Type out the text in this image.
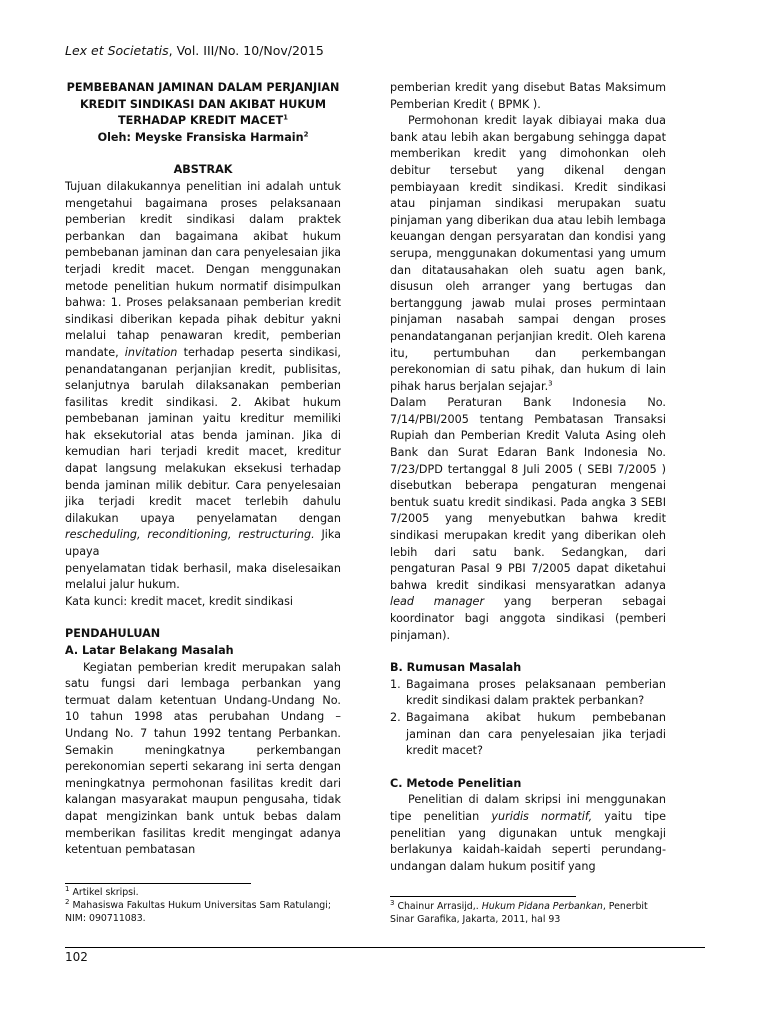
Lex et Societatis, Vol. III/No. 10/Nov/2015

PEMBEBANAN JAMINAN DALAM PERJANJIAN
KREDIT SINDIKASI DAN AKIBAT HUKUM
TERHADAP KREDIT MACET$^1$
Oleh: Meyske Fransiska Harmain$^2$

ABSTRAK

Tujuan dilakukannya penelitian ini adalah untuk mengetahui bagaimana proses pelaksanaan pemberian kredit sindikasi dalam praktek perbankan dan bagaimana akibat hukum pembebanan jaminan dan cara penyelesaian jika terjadi kredit macet. Dengan menggunakan metode penelitian hukum normatif disimpulkan bahwa: 1. Proses pelaksanaan pemberian kredit sindikasi diberikan kepada pihak debitur yakni melalui tahap penawaran kredit, pemberian mandate, invitation terhadap peserta sindikasi, penandatanganan perjanjian kredit, publisitas, selanjutnya barulah dilaksanakan pemberian fasilitas kredit sindikasi. 2. Akibat hukum pembebanan jaminan yaitu kreditur memiliki hak eksekutorial atas benda jaminan. Jika di kemudian hari terjadi kredit macet, kreditur dapat langsung melakukan eksekusi terhadap benda jaminan milik debitur. Cara penyelesaian jika terjadi kredit macet terlebih dahulu dilakukan upaya penyelamatan dengan rescheduling, reconditioning, restructuring. Jika upaya

penyelamatan tidak berhasil, maka diselesaikan melalui jalur hukum.

Kata kunci: kredit macet, kredit sindikasi

PENDAHULUAN

A. Latar Belakang Masalah

Kegiatan pemberian kredit merupakan salah satu fungsi dari lembaga perbankan yang termuat dalam ketentuan Undang-Undang No. 10 tahun 1998 atas perubahan Undang – Undang No. 7 tahun 1992 tentang Perbankan. Semakin meningkatnya perkembangan perekonomian seperti sekarang ini serta dengan meningkatnya permohonan fasilitas kredit dari kalangan masyarakat maupun pengusaha, tidak dapat mengizinkan bank untuk bebas dalam memberikan fasilitas kredit mengingat adanya ketentuan pembatasan

pemberian kredit yang disebut Batas Maksimum Pemberian Kredit ( BPMK ).

Permohonan kredit layak dibiayai maka dua bank atau lebih akan bergabung sehingga dapat memberikan kredit yang dimohonkan oleh debitur tersebut yang dikenal dengan pembiayaan kredit sindikasi. Kredit sindikasi atau pinjaman sindikasi merupakan suatu pinjaman yang diberikan dua atau lebih lembaga keuangan dengan persyaratan dan kondisi yang serupa, menggunakan dokumentasi yang umum dan ditatausahakan oleh suatu agen bank, disusun oleh arranger yang bertugas dan bertanggung jawab mulai proses permintaan pinjaman nasabah sampai dengan proses penandatanganan perjanjian kredit. Oleh karena itu, pertumbuhan dan perkembangan perekonomian di satu pihak, dan hukum di lain pihak harus berjalan sejajar.$^3$

Dalam Peraturan Bank Indonesia No. 7/14/PBI/2005 tentang Pembatasan Transaksi Rupiah dan Pemberian Kredit Valuta Asing oleh Bank dan Surat Edaran Bank Indonesia No. 7/23/DPD tertanggal 8 Juli 2005 ( SEBI 7/2005 ) disebutkan beberapa pengaturan mengenai bentuk suatu kredit sindikasi. Pada angka 3 SEBI 7/2005 yang menyebutkan bahwa kredit sindikasi merupakan kredit yang diberikan oleh lebih dari satu bank. Sedangkan, dari pengaturan Pasal 9 PBI 7/2005 dapat diketahui bahwa kredit sindikasi mensyaratkan adanya lead manager yang berperan sebagai koordinator bagi anggota sindikasi (pemberi pinjaman).

B. Rumusan Masalah

1. Bagaimana proses pelaksanaan pemberian kredit sindikasi dalam praktek perbankan?
2. Bagaimana akibat hukum pembebanan jaminan dan cara penyelesaian jika terjadi kredit macet?

C. Metode Penelitian

Penelitian di dalam skripsi ini menggunakan tipe penelitian yuridis normatif, yaitu tipe penelitian yang digunakan untuk mengkaji berlakunya kaidah-kaidah seperti perundang-undangan dalam hukum positif yang

$^1$ Artikel skripsi.
$^2$ Mahasiswa Fakultas Hukum Universitas Sam Ratulangi; NIM: 090711083.
$^3$ Chainur Arrasijd,. Hukum Pidana Perbankan, Penerbit Sinar Garafika, Jakarta, 2011, hal 93
102
